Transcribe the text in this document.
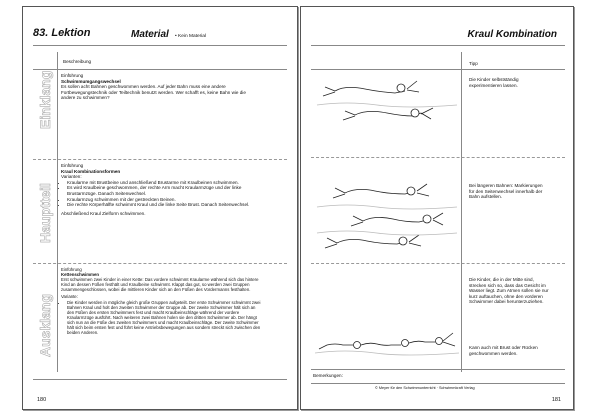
83. Lektion	Material • Kein Material
Beschreibung
Einklang Einführung
Schwimmumgangswechsel
Es sollen acht Bahnen geschwommen werden. Auf jeder Bahn muss eine andere Fortbewegungstechnik oder Teiltechnik benutzt werden. Wer schafft es, keine Bahn wie die andere zu schwimmen?
Hauptteil
Einführung
Kraul Kombinationsformen
Varianten:
• Kraularme mit Brustbeine und anschließend Brustarme mit Kraulbeinen schwimmen.
• Es wird Kraulbeine geschwommen, der rechte Arm macht Kraularmzüge und der linke Brustarmzüge. Danach Seitenwechsel.
• Kraularmzug schwimmen mit der gestreckten Beinen.
• Die rechte Körperhälfte schwimmt Kraul und die linke Seite Brust. Danach Seitenwechsel.
Abschließend Kraul Zielform schwimmen.
Ausklang
Einführung
Kettenschwimmen
Erst schwimmen zwei Kinder in einer Kette: Das vordere schwimmt Kraularme während sich das hintere Kind an dessen Füßen festhält und Kraulbeine schwimmt. Klappt das gut, so werden zwei Gruppen zusammengeschlossen, wobei die mittleren Kinder sich an den Füßen des Vordermanns festhalten.
Variante:
• Die Kinder werden in mögliche gleich große Gruppen aufgeteilt. Der erste Schwimmer schwimmt zwei Bahnen Kraul und holt den zweiten Schwimmer der Gruppe ab. Der zweite Schwimmer hält sich an den Füßen des ersten Schwimmers fest und macht Kraulbeinschläge während der vordere Kraularmzüge ausführt. Nach weiteren zwei Bahnen holen sie den dritten Schwimmer ab. Der hängt sich nun an die Füße des zweiten Schwimmers und macht Kraulbeinschläge. Der zweite Schwimmer hält sich beim ersten fest und führt keine Antriebsbewegungen aus sondern streckt sich zwischen den beiden Anderen.
180
Kraul Kombination
Tipp
Die Kinder selbstständig experimentieren lassen.
Bei längeren Bahnen: Markierungen für den Seitenwechsel innerhalb der Bahn aufstellen.
Die Kinder, die in der Mitte sind, strecken sich so, dass das Gesicht im Wasser liegt. Zum Atmen sollen sie nur kurz auftauchen, ohne den vorderen Schwimmer dabei herunterzuziehen.
Kann auch mit Brust oder Rücken geschwommen werden.
Bemerkungen:
© Meyer für den Schwimmunterricht · Schwimmkraft Verlag
181
